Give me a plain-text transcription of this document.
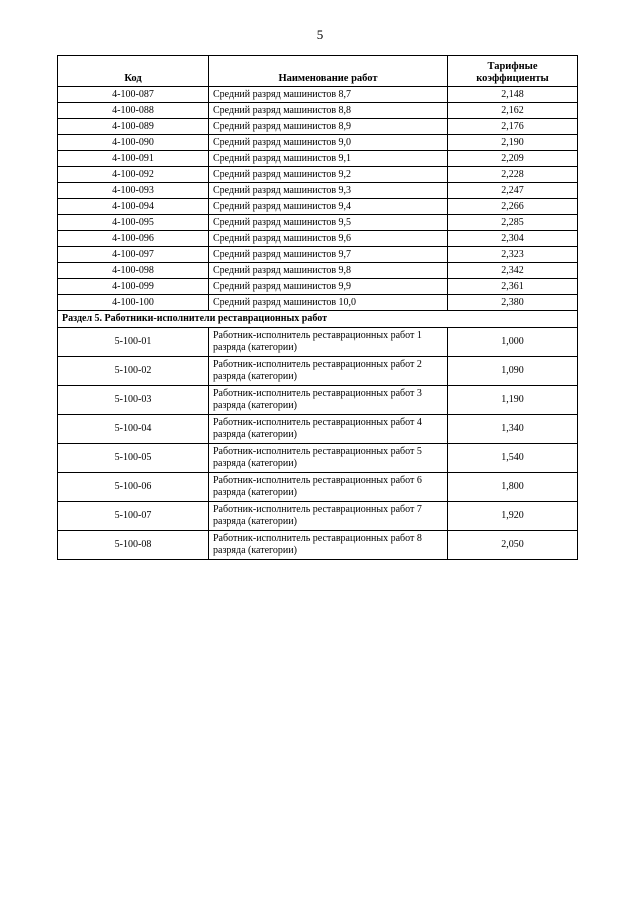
5
Код	Наименование работ	Тарифные коэффициенты
4-100-087	Средний разряд машинистов 8,7	2,148
4-100-088	Средний разряд машинистов 8,8	2,162
4-100-089	Средний разряд машинистов 8,9	2,176
4-100-090	Средний разряд машинистов 9,0	2,190
4-100-091	Средний разряд машинистов 9,1	2,209
4-100-092	Средний разряд машинистов 9,2	2,228
4-100-093	Средний разряд машинистов 9,3	2,247
4-100-094	Средний разряд машинистов 9,4	2,266
4-100-095	Средний разряд машинистов 9,5	2,285
4-100-096	Средний разряд машинистов 9,6	2,304
4-100-097	Средний разряд машинистов 9,7	2,323
4-100-098	Средний разряд машинистов 9,8	2,342
4-100-099	Средний разряд машинистов 9,9	2,361
4-100-100	Средний разряд машинистов 10,0	2,380
Раздел 5. Работники-исполнители реставрационных работ		
5-100-01	Работник-исполнитель реставрационных работ 1 разряда (категории)	1,000
5-100-02	Работник-исполнитель реставрационных работ 2 разряда (категории)	1,090
5-100-03	Работник-исполнитель реставрационных работ 3 разряда (категории)	1,190
5-100-04	Работник-исполнитель реставрационных работ 4 разряда (категории)	1,340
5-100-05	Работник-исполнитель реставрационных работ 5 разряда (категории)	1,540
5-100-06	Работник-исполнитель реставрационных работ 6 разряда (категории)	1,800
5-100-07	Работник-исполнитель реставрационных работ 7 разряда (категории)	1,920
5-100-08	Работник-исполнитель реставрационных работ 8 разряда (категории)	2,050
